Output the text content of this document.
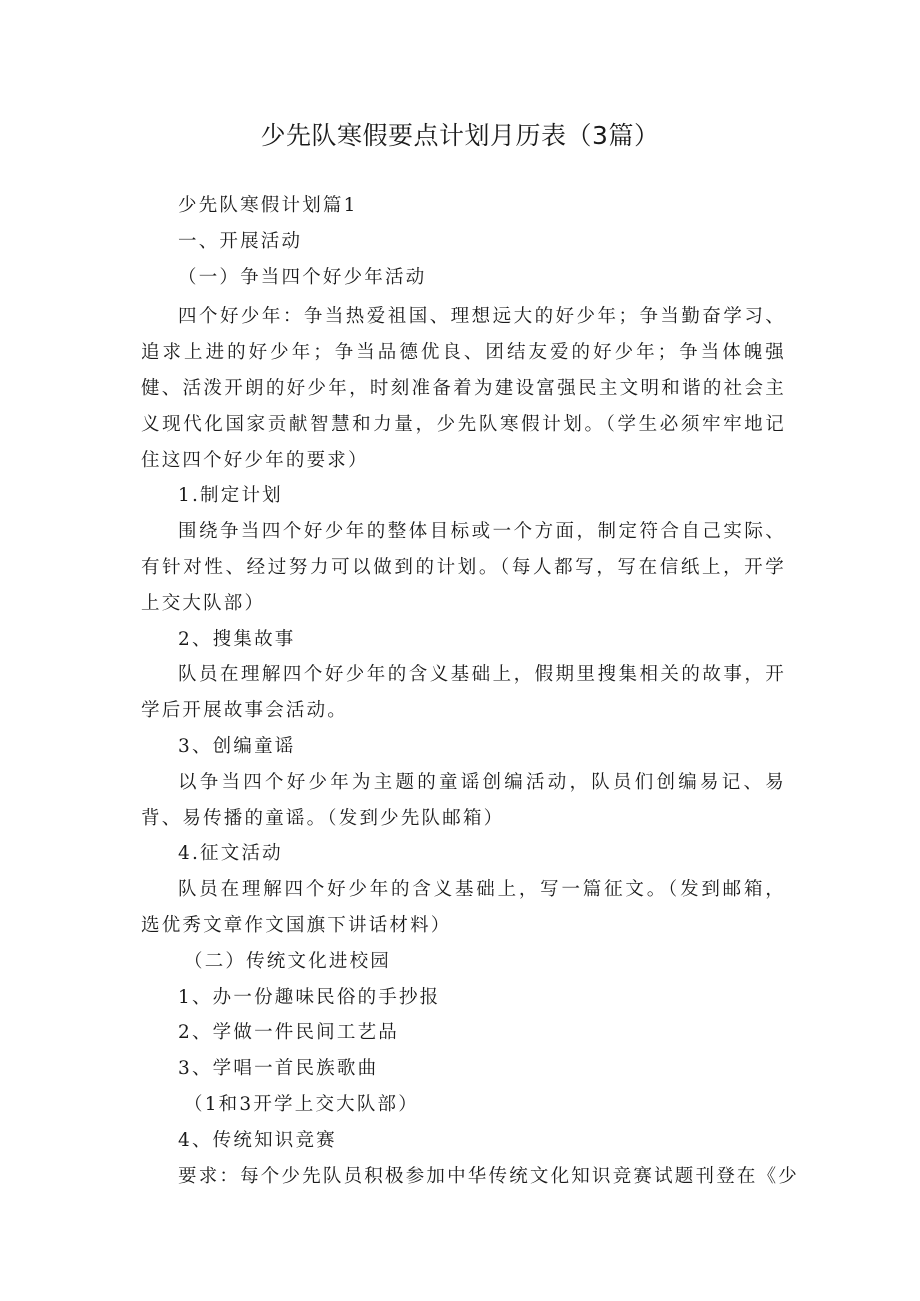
少先队寒假要点计划月历表（3篇）
少先队寒假计划篇1
一、开展活动
（一）争当四个好少年活动
四个好少年：争当热爱祖国、理想远大的好少年；争当勤奋学习、追求上进的好少年；争当品德优良、团结友爱的好少年；争当体魄强健、活泼开朗的好少年，时刻准备着为建设富强民主文明和谐的社会主义现代化国家贡献智慧和力量，少先队寒假计划。（学生必须牢牢地记住这四个好少年的要求）
1.制定计划
围绕争当四个好少年的整体目标或一个方面，制定符合自己实际、有针对性、经过努力可以做到的计划。（每人都写，写在信纸上，开学上交大队部）
2、搜集故事
队员在理解四个好少年的含义基础上，假期里搜集相关的故事，开学后开展故事会活动。
3、创编童谣
以争当四个好少年为主题的童谣创编活动，队员们创编易记、易背、易传播的童谣。（发到少先队邮箱）
4.征文活动
队员在理解四个好少年的含义基础上，写一篇征文。（发到邮箱，选优秀文章作文国旗下讲话材料）
（二）传统文化进校园
1、办一份趣味民俗的手抄报
2、学做一件民间工艺品
3、学唱一首民族歌曲
（1和3开学上交大队部）
4、传统知识竞赛
要求：每个少先队员积极参加中华传统文化知识竞赛试题刊登在《少
